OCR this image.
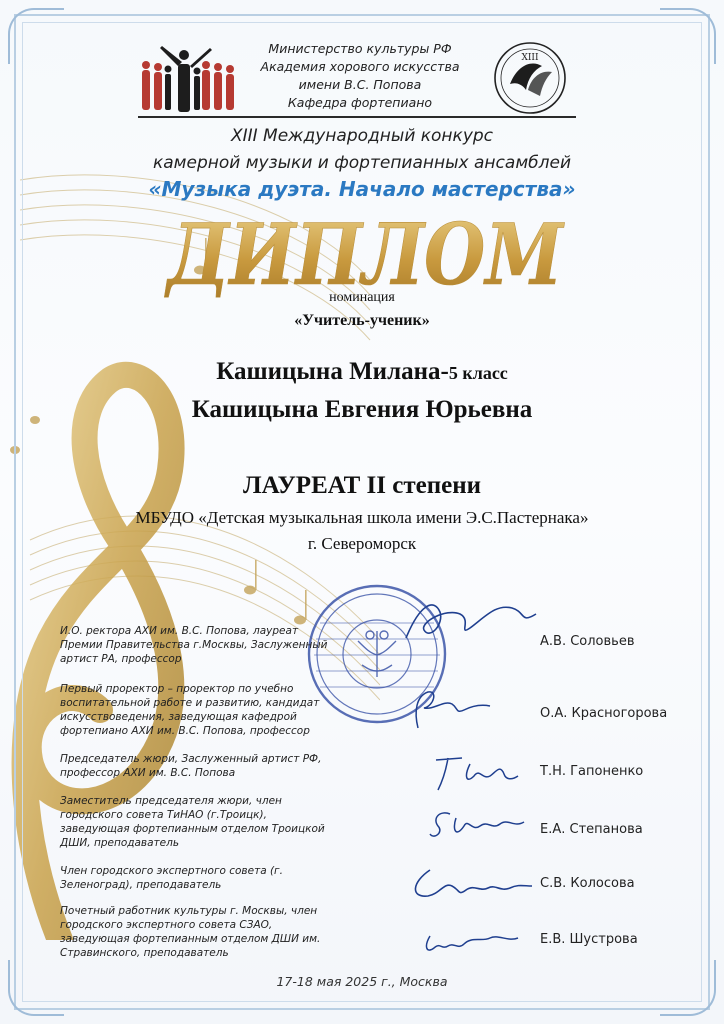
Министерство культуры РФ
Академия хорового искусства
имени В.С. Попова
Кафедра фортепиано
XIII
XIII Международный конкурс
камерной музыки и фортепианных ансамблей
«Музыка дуэта. Начало мастерства»
ДИПЛОМ
номинация
«Учитель-ученик»
Кашицына Милана-5 класс
Кашицына Евгения Юрьевна
ЛАУРЕАТ II степени
МБУДО «Детская музыкальная школа имени Э.С.Пастернака»
г. Североморск
И.О. ректора АХИ им. В.С. Попова, лауреат Премии Правительства г.Москвы, Заслуженный артист РА, профессор
А.В. Соловьев
Первый проректор – проректор по учебно воспитательной работе и развитию, кандидат искусствоведения, заведующая кафедрой фортепиано АХИ им. В.С. Попова, профессор
О.А. Красногорова
Председатель жюри, Заслуженный артист РФ, профессор АХИ им. В.С. Попова	Т.Н. Гапоненко
Заместитель председателя жюри, член городского совета ТиНАО (г.Троицк), заведующая фортепианным отделом Троицкой ДШИ, преподаватель
Е.А. Степанова
Член городского экспертного совета (г. Зеленоград), преподаватель	С.В. Колосова
Почетный работник культуры г. Москвы, член городского экспертного совета СЗАО, заведующая фортепианным отделом ДШИ им. Стравинского, преподаватель
Е.В. Шустрова
17-18 мая 2025 г., Москва
